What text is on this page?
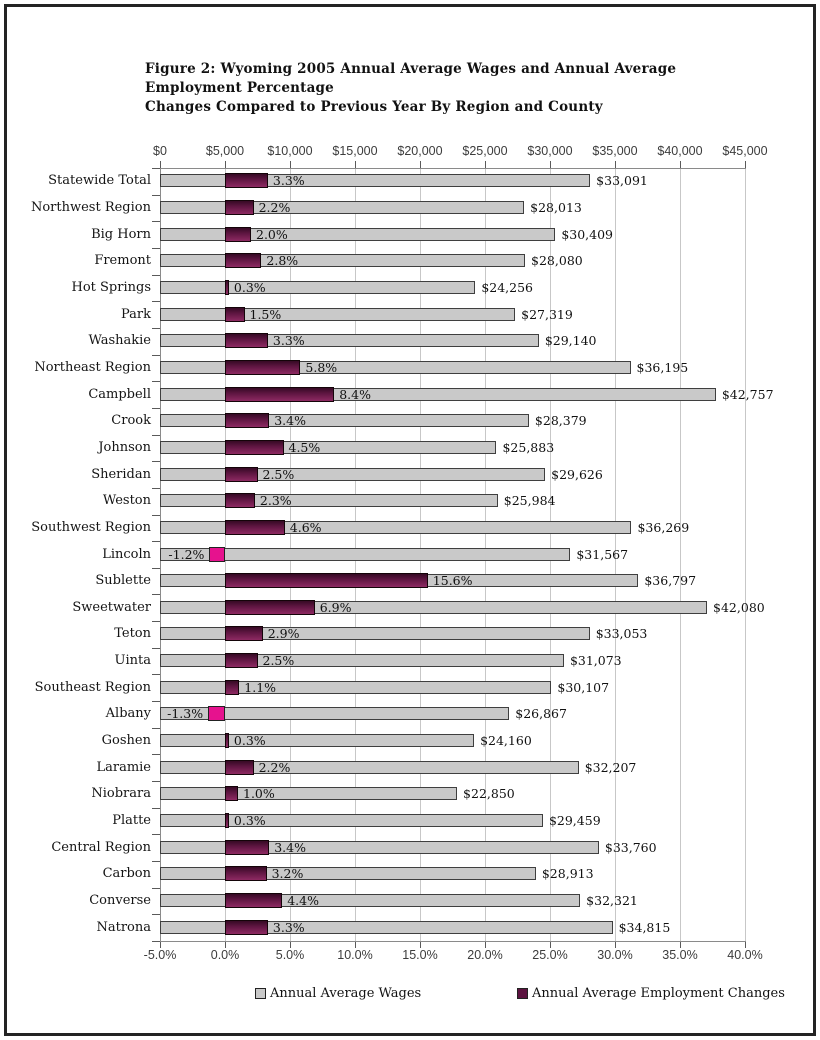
Figure 2: Wyoming 2005 Annual Average Wages and Annual Average Employment Percentage
Changes Compared to Previous Year By Region and County
$0
-5.0%
$5,000
0.0%
$10,000
5.0%
$15,000
10.0%
$20,000
15.0%
$25,000
20.0%
$30,000
25.0%
$35,000
30.0%
$40,000
35.0%
$45,000
40.0%
Statewide Total	3.3%	$33,091
Northwest Region	2.2%	$28,013
Big Horn	2.0%	$30,409
Fremont	2.8%	$28,080
Hot Springs	0.3%	$24,256
Park	1.5%	$27,319
Washakie	3.3%	$29,140
Northeast Region	5.8%	$36,195
Campbell	8.4%	$42,757
Crook	3.4%	$28,379
Johnson	4.5%	$25,883
Sheridan	2.5%	$29,626
Weston	2.3%	$25,984
Southwest Region	4.6%	$36,269
Lincoln -1.2%	$31,567
Sublette	15.6%	$36,797
Sweetwater	6.9%	$42,080
Teton	2.9%	$33,053
Uinta	2.5%	$31,073
Southeast Region	1.1%	$30,107
Albany -1.3%	$26,867
Goshen	0.3%	$24,160
Laramie	2.2%	$32,207
Niobrara	1.0%	$22,850
Platte	0.3%	$29,459
Central Region	3.4%	$33,760
Carbon	3.2%	$28,913
Converse	4.4%	$32,321
Natrona	3.3%	$34,815
Annual Average Wages	Annual Average Employment Changes
